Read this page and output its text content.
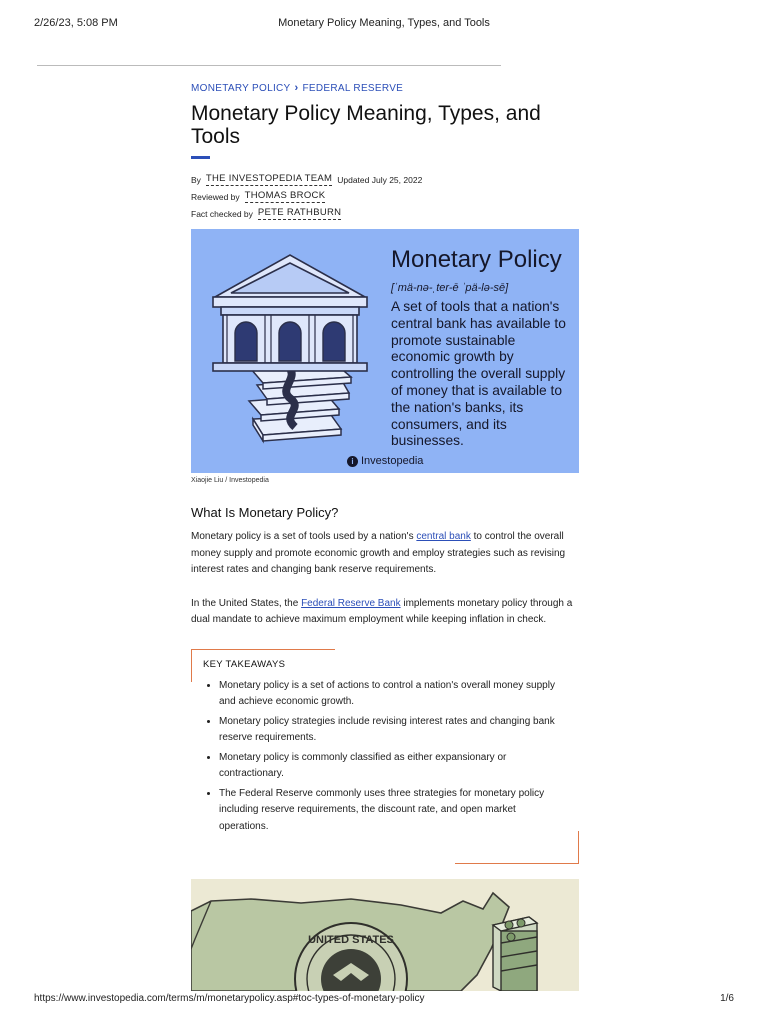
2/26/23, 5:08 PM	Monetary Policy Meaning, Types, and Tools
MONETARY POLICY › FEDERAL RESERVE
Monetary Policy Meaning, Types, and Tools
By THE INVESTOPEDIA TEAM Updated July 25, 2022
Reviewed by THOMAS BROCK
Fact checked by PETE RATHBURN
Monetary Policy
[ˈmä-nə-ˌter-ē ˈpä-lə-sē]
A set of tools that a nation's central bank has available to promote sustainable economic growth by controlling the overall supply of money that is available to the nation's banks, its consumers, and its businesses.
i Investopedia
Xiaojie Liu / Investopedia
What Is Monetary Policy?

Monetary policy is a set of tools used by a nation's central bank to control the overall money supply and promote economic growth and employ strategies such as revising interest rates and changing bank reserve requirements.

In the United States, the Federal Reserve Bank implements monetary policy through a dual mandate to achieve maximum employment while keeping inflation in check.

KEY TAKEAWAYS
• Monetary policy is a set of actions to control a nation's overall money supply and achieve economic growth.
• Monetary policy strategies include revising interest rates and changing bank reserve requirements.
• Monetary policy is commonly classified as either expansionary or contractionary.
• The Federal Reserve commonly uses three strategies for monetary policy including reserve requirements, the discount rate, and open market operations.
UNITED STATES
https://www.investopedia.com/terms/m/monetarypolicy.asp#toc-types-of-monetary-policy	1/6
